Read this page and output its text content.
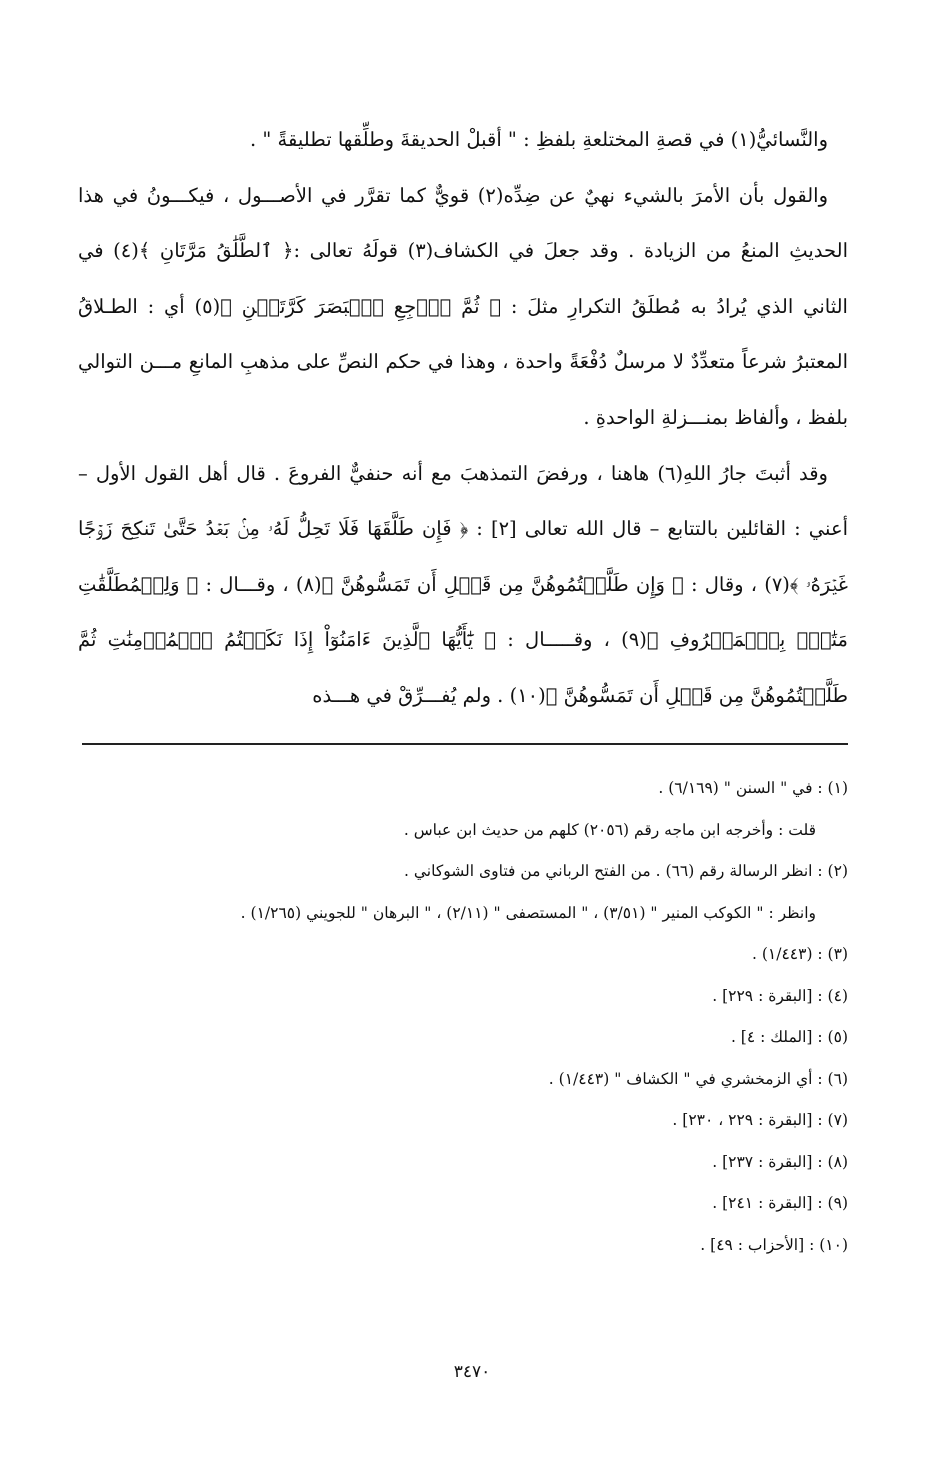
والنَّسائيُّ(١) في قصةِ المختلعةِ بلفظِ : " أقبلْ الحديقةَ وطلِّقها تطليقةً " .

والقول بأن الأمرَ بالشيء نهيٌ عن ضِدِّه(٢) قويٌّ كما تقرَّر في الأصـــول ، فيكـــونُ في هذا الحديثِ المنعُ من الزيادة . وقد جعلَ في الكشاف(٣) قولَهُ تعالى :﴿ ٱلطَّلَٰقُ مَرَّتَانِ ﴾(٤) في الثاني الذي يُرادُ به مُطلَقُ التكرارِ مثلَ : ﴿ ثُمَّ ٱرۡجِعِ ٱلۡبَصَرَ كَرَّتَيۡنِ ﴾(٥) أي : الطـلاقُ المعتبرُ شرعاً متعدِّدٌ لا مرسلٌ دُفْعَةً واحدة ، وهذا في حكم النصِّ على مذهبِ المانعِ مـــن التوالي بلفظ ، وألفاظ بمنـــزلةِ الواحدةِ .

وقد أثبتَ جارُ اللهِ(٦) هاهنا ، ورفضَ التمذهبَ مع أنه حنفيٌّ الفروعَ . قال أهل القول الأول – أعني : القائلين بالتتابع – قال الله تعالى [٢] : ﴿ فَإِن طَلَّقَهَا فَلَا تَحِلُّ لَهُۥ مِنۢ بَعۡدُ حَتَّىٰ تَنكِحَ زَوۡجًا غَيۡرَهُۥ ﴾(٧) ، وقال : ﴿ وَإِن طَلَّقۡتُمُوهُنَّ مِن قَبۡلِ أَن تَمَسُّوهُنَّ ﴾(٨) ، وقـــال : ﴿ وَلِلۡمُطَلَّقَٰتِ مَتَٰعُۢ بِٱلۡمَعۡرُوفِ ﴾(٩) ، وقـــــال : ﴿ يَٰٓأَيُّهَا ٱلَّذِينَ ءَامَنُوٓاْ إِذَا نَكَحۡتُمُ ٱلۡمُؤۡمِنَٰتِ ثُمَّ طَلَّقۡتُمُوهُنَّ مِن قَبۡلِ أَن تَمَسُّوهُنَّ ﴾(١٠) . ولم يُفـــرِّقْ في هـــذه

(١) : في " السنن " (٦/١٦٩) .

قلت : وأخرجه ابن ماجه رقم (٢٠٥٦) كلهم من حديث ابن عباس .

(٢) : انظر الرسالة رقم (٦٦) . من الفتح الرباني من فتاوى الشوكاني .

وانظر : " الكوكب المنير " (٣/٥١) ، " المستصفى " (٢/١١) ، " البرهان " للجويني (١/٢٦٥) .

(٣) : (١/٤٤٣) .

(٤) : [البقرة : ٢٢٩] .

(٥) : [الملك : ٤] .

(٦) : أي الزمخشري في " الكشاف " (١/٤٤٣) .

(٧) : [البقرة : ٢٢٩ ، ٢٣٠] .

(٨) : [البقرة : ٢٣٧] .

(٩) : [البقرة : ٢٤١] .

(١٠) : [الأحزاب : ٤٩] .

٣٤٧٠
